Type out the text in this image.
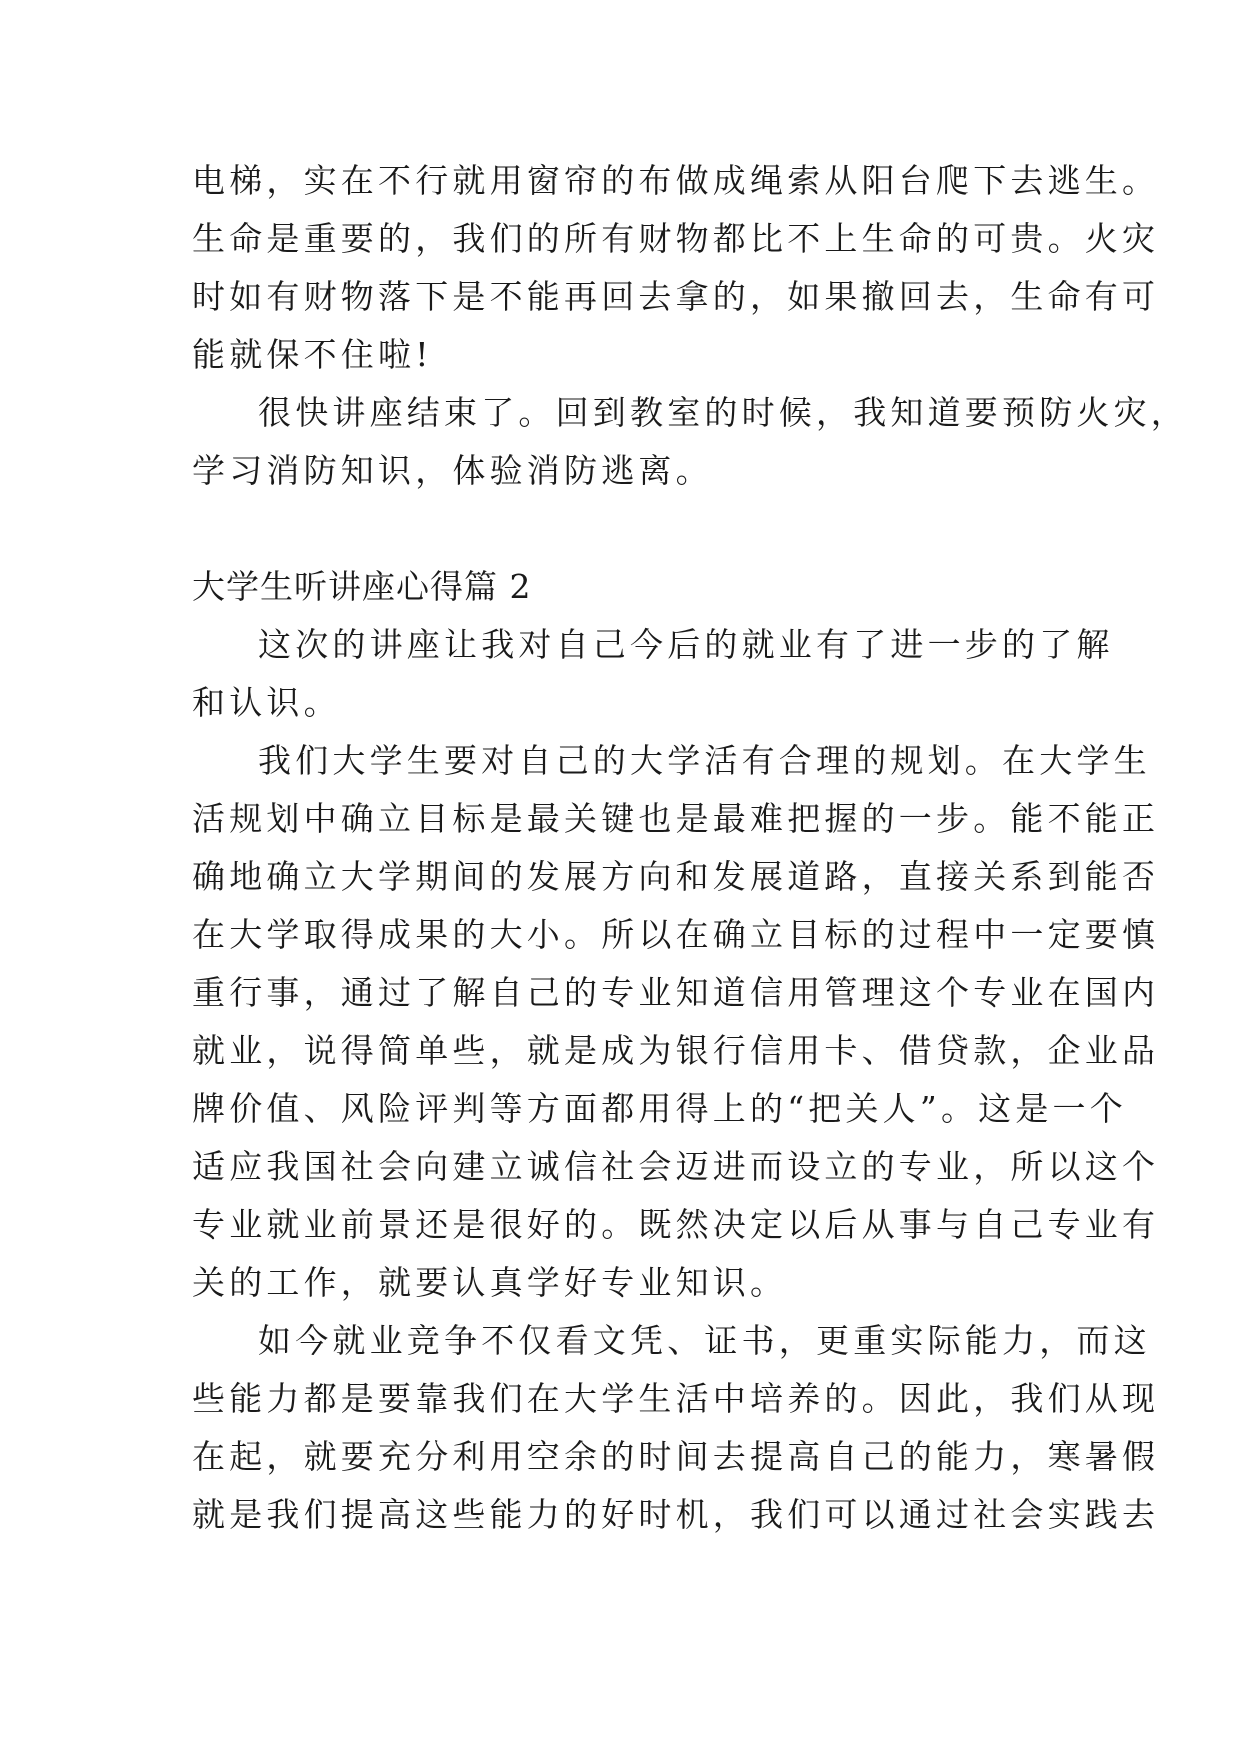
电梯，实在不行就用窗帘的布做成绳索从阳台爬下去逃生。
生命是重要的，我们的所有财物都比不上生命的可贵。火灾
时如有财物落下是不能再回去拿的，如果撤回去，生命有可
能就保不住啦!
很快讲座结束了。回到教室的时候，我知道要预防火灾，
学习消防知识，体验消防逃离。
大学生听讲座心得篇 2
这次的讲座让我对自己今后的就业有了进一步的了解
和认识。
我们大学生要对自己的大学活有合理的规划。在大学生
活规划中确立目标是最关键也是最难把握的一步。能不能正
确地确立大学期间的发展方向和发展道路，直接关系到能否
在大学取得成果的大小。所以在确立目标的过程中一定要慎
重行事，通过了解自己的专业知道信用管理这个专业在国内
就业，说得简单些，就是成为银行信用卡、借贷款，企业品
牌价值、风险评判等方面都用得上的“把关人”。这是一个
适应我国社会向建立诚信社会迈进而设立的专业，所以这个
专业就业前景还是很好的。既然决定以后从事与自己专业有
关的工作，就要认真学好专业知识。
如今就业竞争不仅看文凭、证书，更重实际能力，而这
些能力都是要靠我们在大学生活中培养的。因此，我们从现
在起，就要充分利用空余的时间去提高自己的能力，寒暑假
就是我们提高这些能力的好时机，我们可以通过社会实践去
